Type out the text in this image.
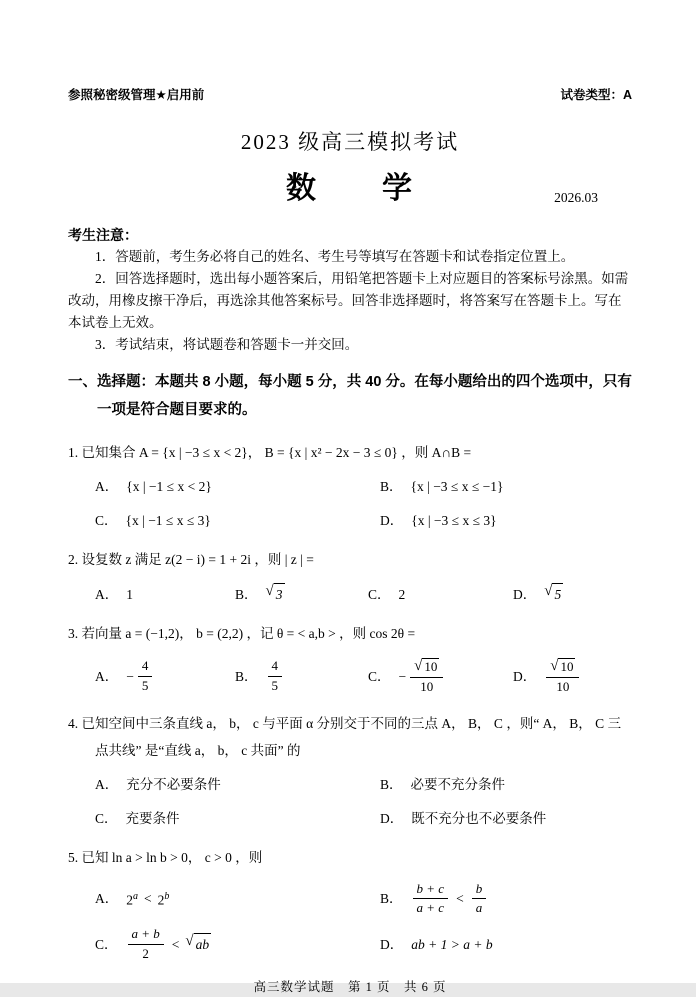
参照秘密级管理★启用前	试卷类型：A
2023 级高三模拟考试
数　　学	2026.03
考生注意：

1．答题前，考生务必将自己的姓名、考生号等填写在答题卡和试卷指定位置上。

2．回答选择题时，选出每小题答案后，用铅笔把答题卡上对应题目的答案标号涂黑。如需改动，用橡皮擦干净后，再选涂其他答案标号。回答非选择题时，将答案写在答题卡上。写在本试卷上无效。

3．考试结束，将试题卷和答题卡一并交回。

一、选择题：本题共 8 小题，每小题 5 分，共 40 分。在每小题给出的四个选项中，只有一项是符合题目要求的。
1. 已知集合 A = {x | −3 ≤ x < 2}， B = {x | x² − 2x − 3 ≤ 0} ，则 A∩B =
A． {x | −1 ≤ x < 2}	B． {x | −3 ≤ x ≤ −1}
C． {x | −1 ≤ x ≤ 3}	D． {x | −3 ≤ x ≤ 3}
2. 设复数 z 满足 z(2 − i) = 1 + 2i ，则 | z | =
A． 1	B． √ 3	C． 2	D． √ 5
3. 若向量 a = (−1,2)， b = (2,2) ，记 θ = < a,b > ，则 cos 2θ =
A． − $\frac{4}{5}$	B． $\frac{4}{5}$	C． − $\frac{√ 10}{10}$	D． $\frac{√ 10}{10}$
4. 已知空间中三条直线 a， b， c 与平面 α 分别交于不同的三点 A， B， C ，则“ A， B， C 三点共线” 是“直线 a， b， c 共面” 的
A． 充分不必要条件	B． 必要不充分条件
C． 充要条件	D． 既不充分也不必要条件
5. 已知 ln a > ln b > 0， c > 0 ，则
A． $2^a < 2^b$	B． $\frac{b + c}{a + c} < \frac{b}{a}$
C． $\frac{a + b}{2}$ < √ ab	D． ab + 1 > a + b
高三数学试题　第 1 页　共 6 页
